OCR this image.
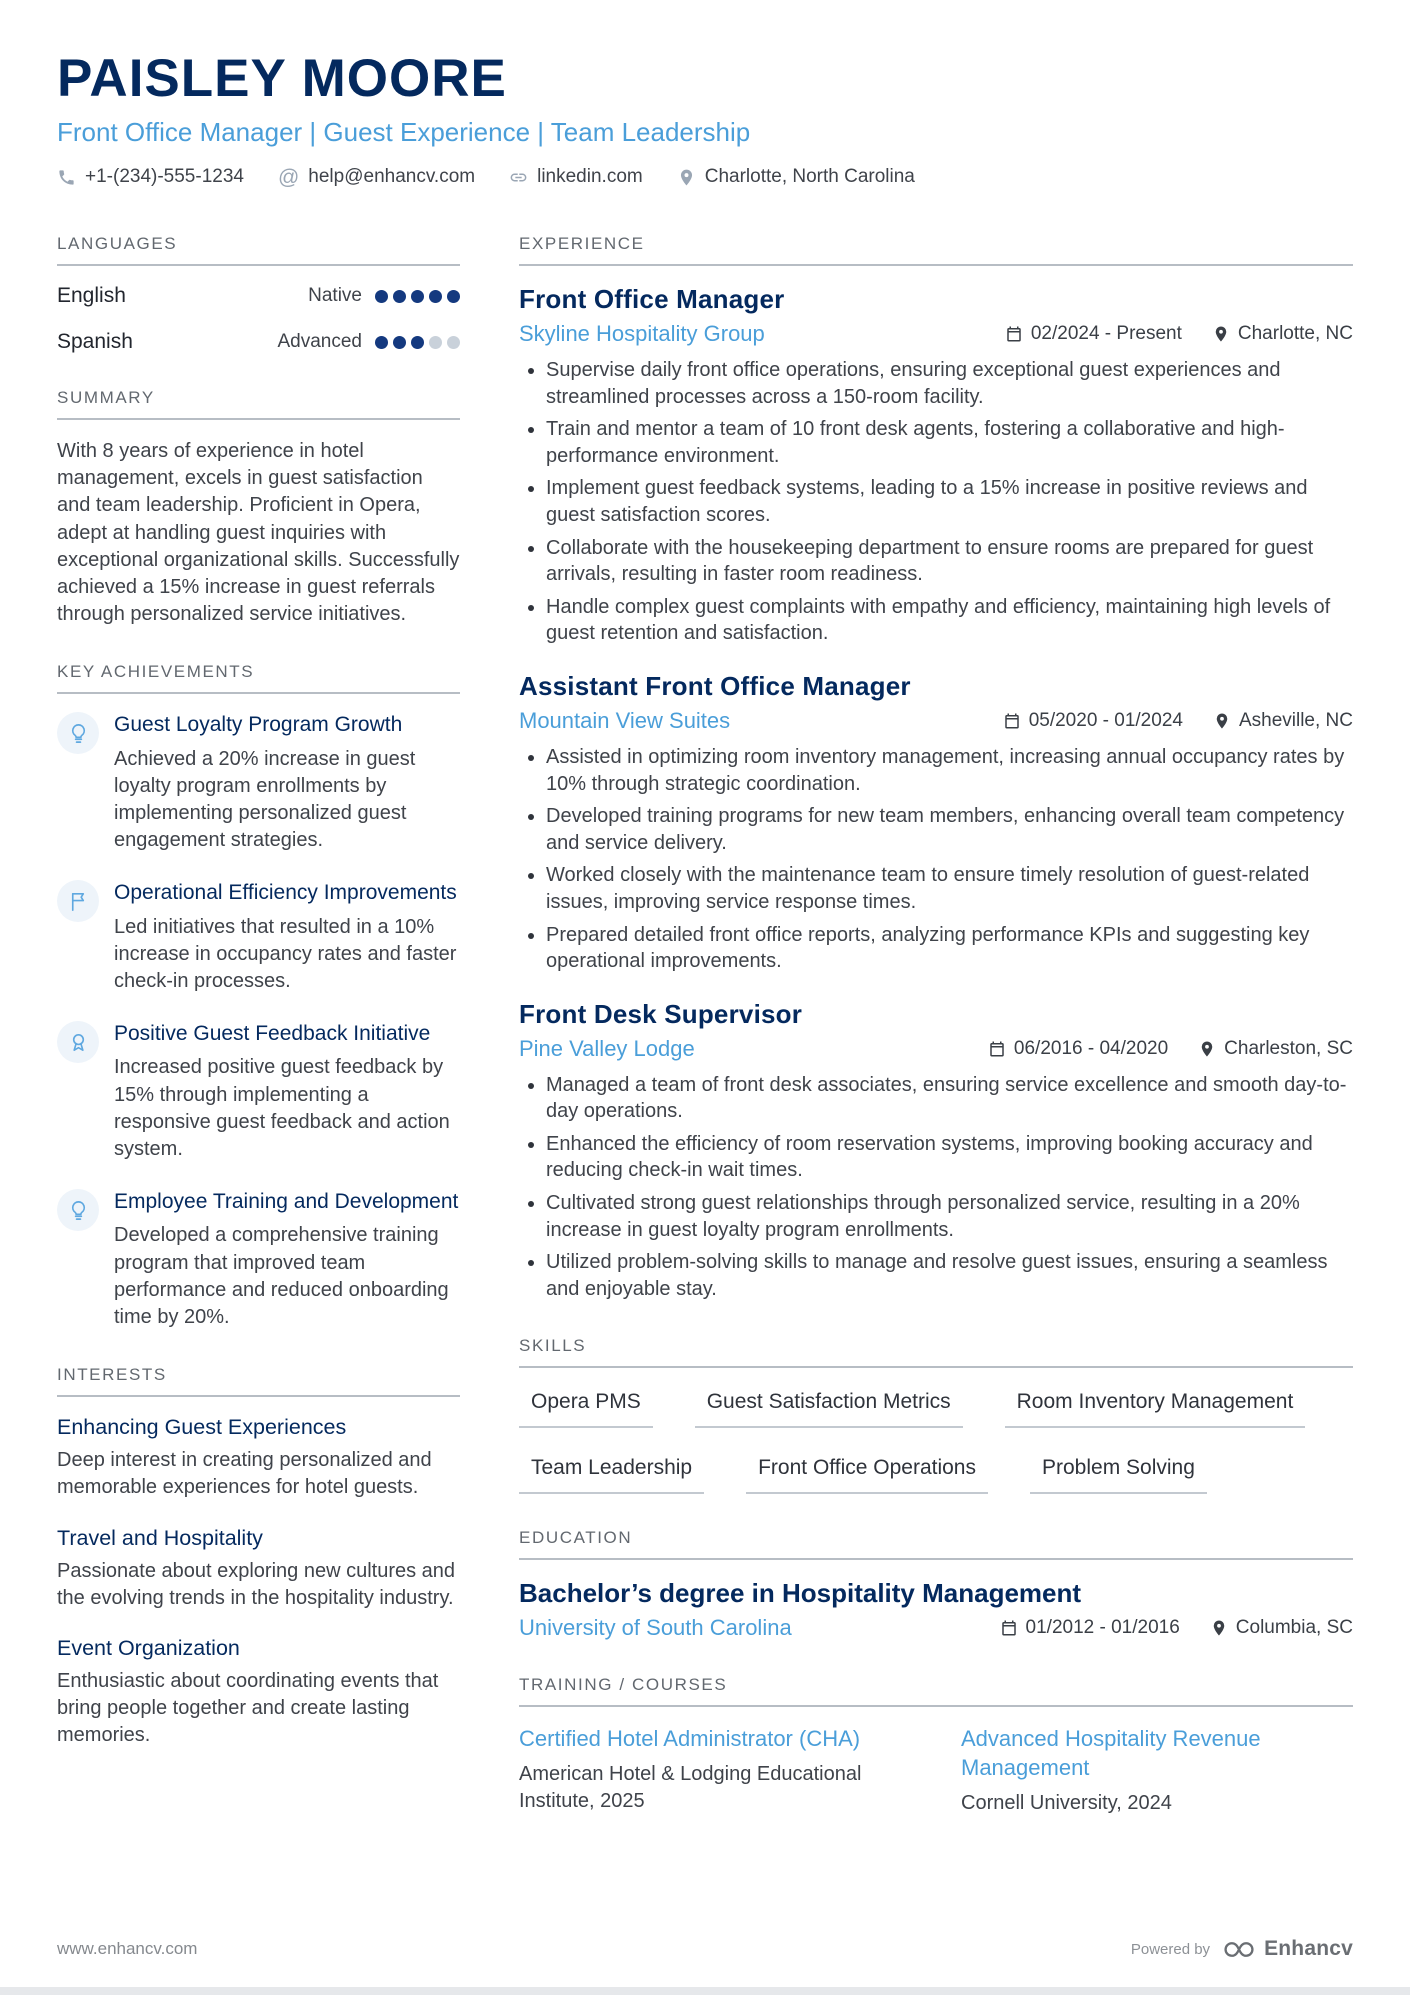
PAISLEY MOORE
Front Office Manager | Guest Experience | Team Leadership
+1-(234)-555-1234 @ help@enhancv.com	linkedin.com	Charlotte, North Carolina
LANGUAGES
English	Native
Spanish	Advanced
SUMMARY

With 8 years of experience in hotel management, excels in guest satisfaction and team leadership. Proficient in Opera, adept at handling guest inquiries with exceptional organizational skills. Successfully achieved a 15% increase in guest referrals through personalized service initiatives.

KEY ACHIEVEMENTS
Guest Loyalty Program Growth
Achieved a 20% increase in guest loyalty program enrollments by implementing personalized guest engagement strategies.
Operational Efficiency Improvements
Led initiatives that resulted in a 10% increase in occupancy rates and faster check-in processes.
Positive Guest Feedback Initiative
Increased positive guest feedback by 15% through implementing a responsive guest feedback and action system.
Employee Training and Development
Developed a comprehensive training program that improved team performance and reduced onboarding time by 20%.
INTERESTS
Enhancing Guest Experiences
Deep interest in creating personalized and memorable experiences for hotel guests.
Travel and Hospitality
Passionate about exploring new cultures and the evolving trends in the hospitality industry.
Event Organization
Enthusiastic about coordinating events that bring people together and create lasting memories.
EXPERIENCE
Front Office Manager
Skyline Hospitality Group	02/2024 - Present	Charlotte, NC
• Supervise daily front office operations, ensuring exceptional guest experiences and streamlined processes across a 150-room facility.
• Train and mentor a team of 10 front desk agents, fostering a collaborative and high-performance environment.
• Implement guest feedback systems, leading to a 15% increase in positive reviews and guest satisfaction scores.
• Collaborate with the housekeeping department to ensure rooms are prepared for guest arrivals, resulting in faster room readiness.
• Handle complex guest complaints with empathy and efficiency, maintaining high levels of guest retention and satisfaction.
Assistant Front Office Manager
Mountain View Suites	05/2020 - 01/2024	Asheville, NC
• Assisted in optimizing room inventory management, increasing annual occupancy rates by 10% through strategic coordination.
• Developed training programs for new team members, enhancing overall team competency and service delivery.
• Worked closely with the maintenance team to ensure timely resolution of guest-related issues, improving service response times.
• Prepared detailed front office reports, analyzing performance KPIs and suggesting key operational improvements.
Front Desk Supervisor
Pine Valley Lodge	06/2016 - 04/2020	Charleston, SC
• Managed a team of front desk associates, ensuring service excellence and smooth day-to-day operations.
• Enhanced the efficiency of room reservation systems, improving booking accuracy and reducing check-in wait times.
• Cultivated strong guest relationships through personalized service, resulting in a 20% increase in guest loyalty program enrollments.
• Utilized problem-solving skills to manage and resolve guest issues, ensuring a seamless and enjoyable stay.
SKILLS
Opera PMS	Guest Satisfaction Metrics	Room Inventory Management
Team Leadership	Front Office Operations	Problem Solving
EDUCATION
Bachelor’s degree in Hospitality Management
University of South Carolina	01/2012 - 01/2016	Columbia, SC
TRAINING / COURSES
Certified Hotel Administrator (CHA)
American Hotel & Lodging Educational Institute, 2025
Advanced Hospitality Revenue Management
Cornell University, 2024
www.enhancv.com	Powered by	Enhancv
